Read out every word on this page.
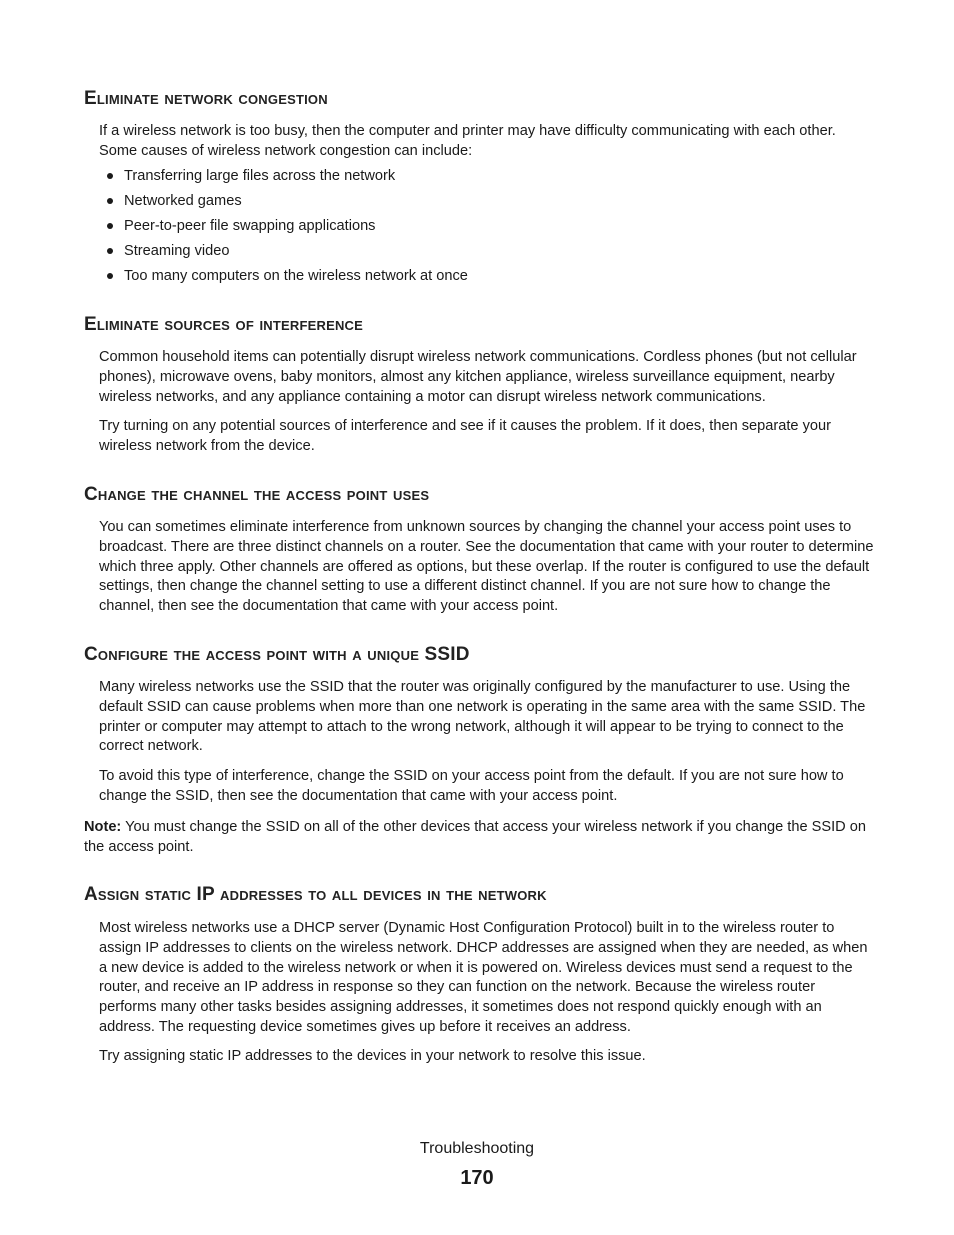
Eliminate network congestion

If a wireless network is too busy, then the computer and printer may have difficulty communicating with each other. Some causes of wireless network congestion can include:

Transferring large files across the network
Networked games
Peer-to-peer file swapping applications
Streaming video
Too many computers on the wireless network at once
Eliminate sources of interference

Common household items can potentially disrupt wireless network communications. Cordless phones (but not cellular phones), microwave ovens, baby monitors, almost any kitchen appliance, wireless surveillance equipment, nearby wireless networks, and any appliance containing a motor can disrupt wireless network communications.

Try turning on any potential sources of interference and see if it causes the problem. If it does, then separate your wireless network from the device.

Change the channel the access point uses

You can sometimes eliminate interference from unknown sources by changing the channel your access point uses to broadcast. There are three distinct channels on a router. See the documentation that came with your router to determine which three apply. Other channels are offered as options, but these overlap. If the router is configured to use the default settings, then change the channel setting to use a different distinct channel. If you are not sure how to change the channel, then see the documentation that came with your access point.

Configure the access point with a unique SSID

Many wireless networks use the SSID that the router was originally configured by the manufacturer to use. Using the default SSID can cause problems when more than one network is operating in the same area with the same SSID. The printer or computer may attempt to attach to the wrong network, although it will appear to be trying to connect to the correct network.

To avoid this type of interference, change the SSID on your access point from the default. If you are not sure how to change the SSID, then see the documentation that came with your access point.

Note: You must change the SSID on all of the other devices that access your wireless network if you change the SSID on the access point.

Assign static IP addresses to all devices in the network

Most wireless networks use a DHCP server (Dynamic Host Configuration Protocol) built in to the wireless router to assign IP addresses to clients on the wireless network. DHCP addresses are assigned when they are needed, as when a new device is added to the wireless network or when it is powered on. Wireless devices must send a request to the router, and receive an IP address in response so they can function on the network. Because the wireless router performs many other tasks besides assigning addresses, it sometimes does not respond quickly enough with an address. The requesting device sometimes gives up before it receives an address.

Try assigning static IP addresses to the devices in your network to resolve this issue.

Troubleshooting
170
